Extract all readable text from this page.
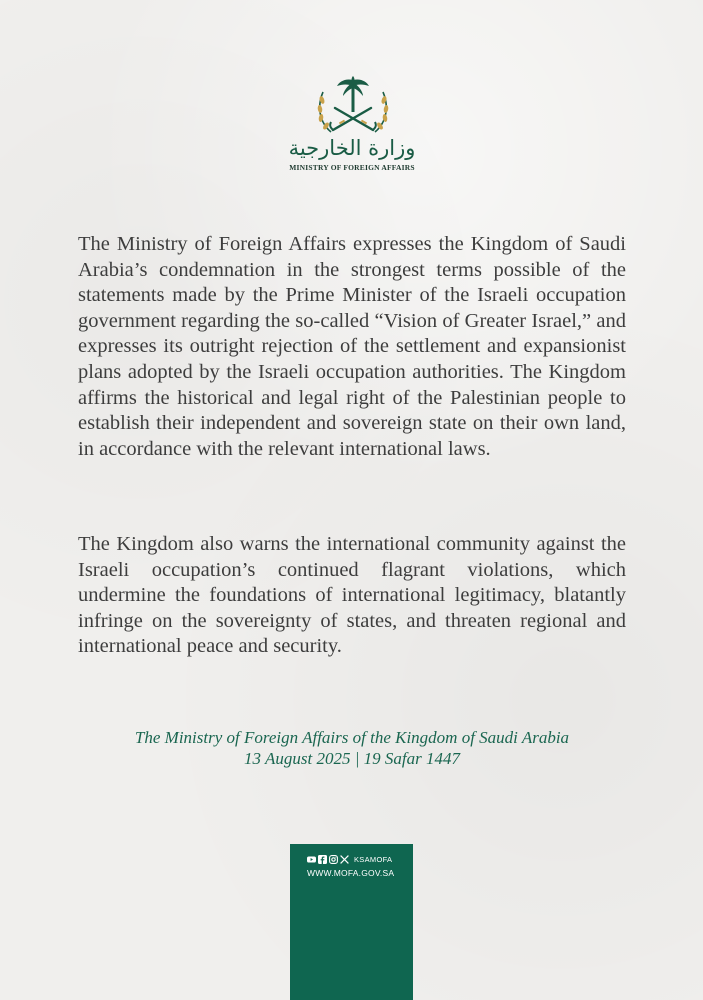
وزارة الخارجية
MINISTRY OF FOREIGN AFFAIRS

The Ministry of Foreign Affairs expresses the Kingdom of Saudi Arabia’s condemnation in the strongest terms possible of the statements made by the Prime Minister of the Israeli occupation government regarding the so-called “Vision of Greater Israel,” and expresses its outright rejection of the settlement and expansionist plans adopted by the Israeli occupation authorities. The Kingdom affirms the historical and legal right of the Palestinian people to establish their independent and sovereign state on their own land, in accordance with the relevant international laws.

The Kingdom also warns the international community against the Israeli occupation’s continued flagrant violations, which undermine the foundations of international legitimacy, blatantly infringe on the sovereignty of states, and threaten regional and international peace and security.

The Ministry of Foreign Affairs of the Kingdom of Saudi Arabia
13 August 2025 | 19 Safar 1447
KSAMOFA
WWW.MOFA.GOV.SA
